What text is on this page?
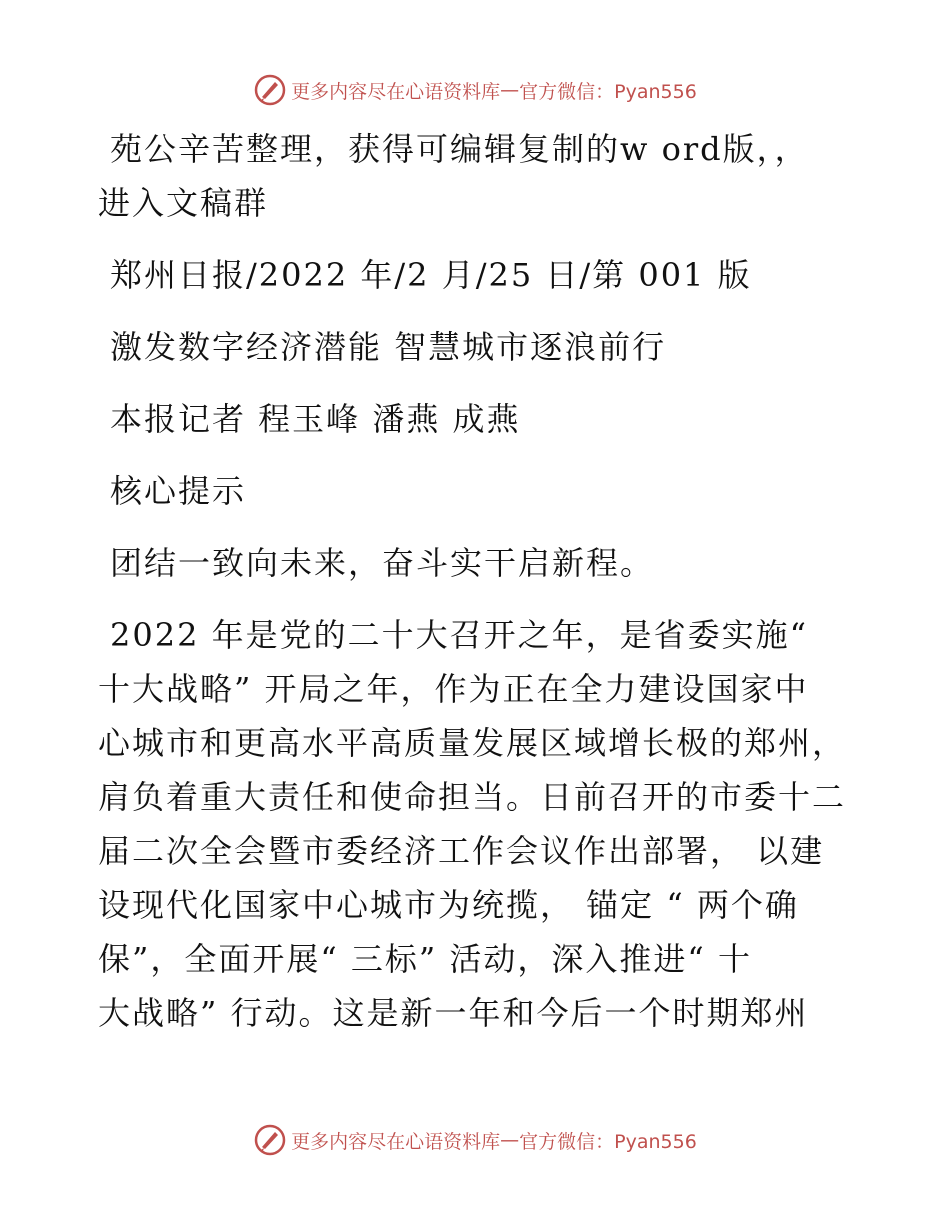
更多内容尽在心语资料库 — 官方微信：Pyan556
苑公辛苦整理，获得可编辑复制的w ord版，，
进入文稿群
郑州日报/2022 年/2 月/25 日/第 001 版
激发数字经济潜能 智慧城市逐浪前行
本报记者 程玉峰 潘燕 成燕
核心提示
团结一致向未来，奋斗实干启新程。
2022 年是党的二十大召开之年，是省委实施“
十大战略” 开局之年，作为正在全力建设国家中
心城市和更高水平高质量发展区域增长极的郑州，
肩负着重大责任和使命担当。日前召开的市委十二
届二次全会暨市委经济工作会议作出部署， 以建
设现代化国家中心城市为统揽， 锚定 “ 两个确
保”，全面开展“ 三标” 活动，深入推进“ 十
大战略” 行动。这是新一年和今后一个时期郑州
更多内容尽在心语资料库 — 官方微信：Pyan556
